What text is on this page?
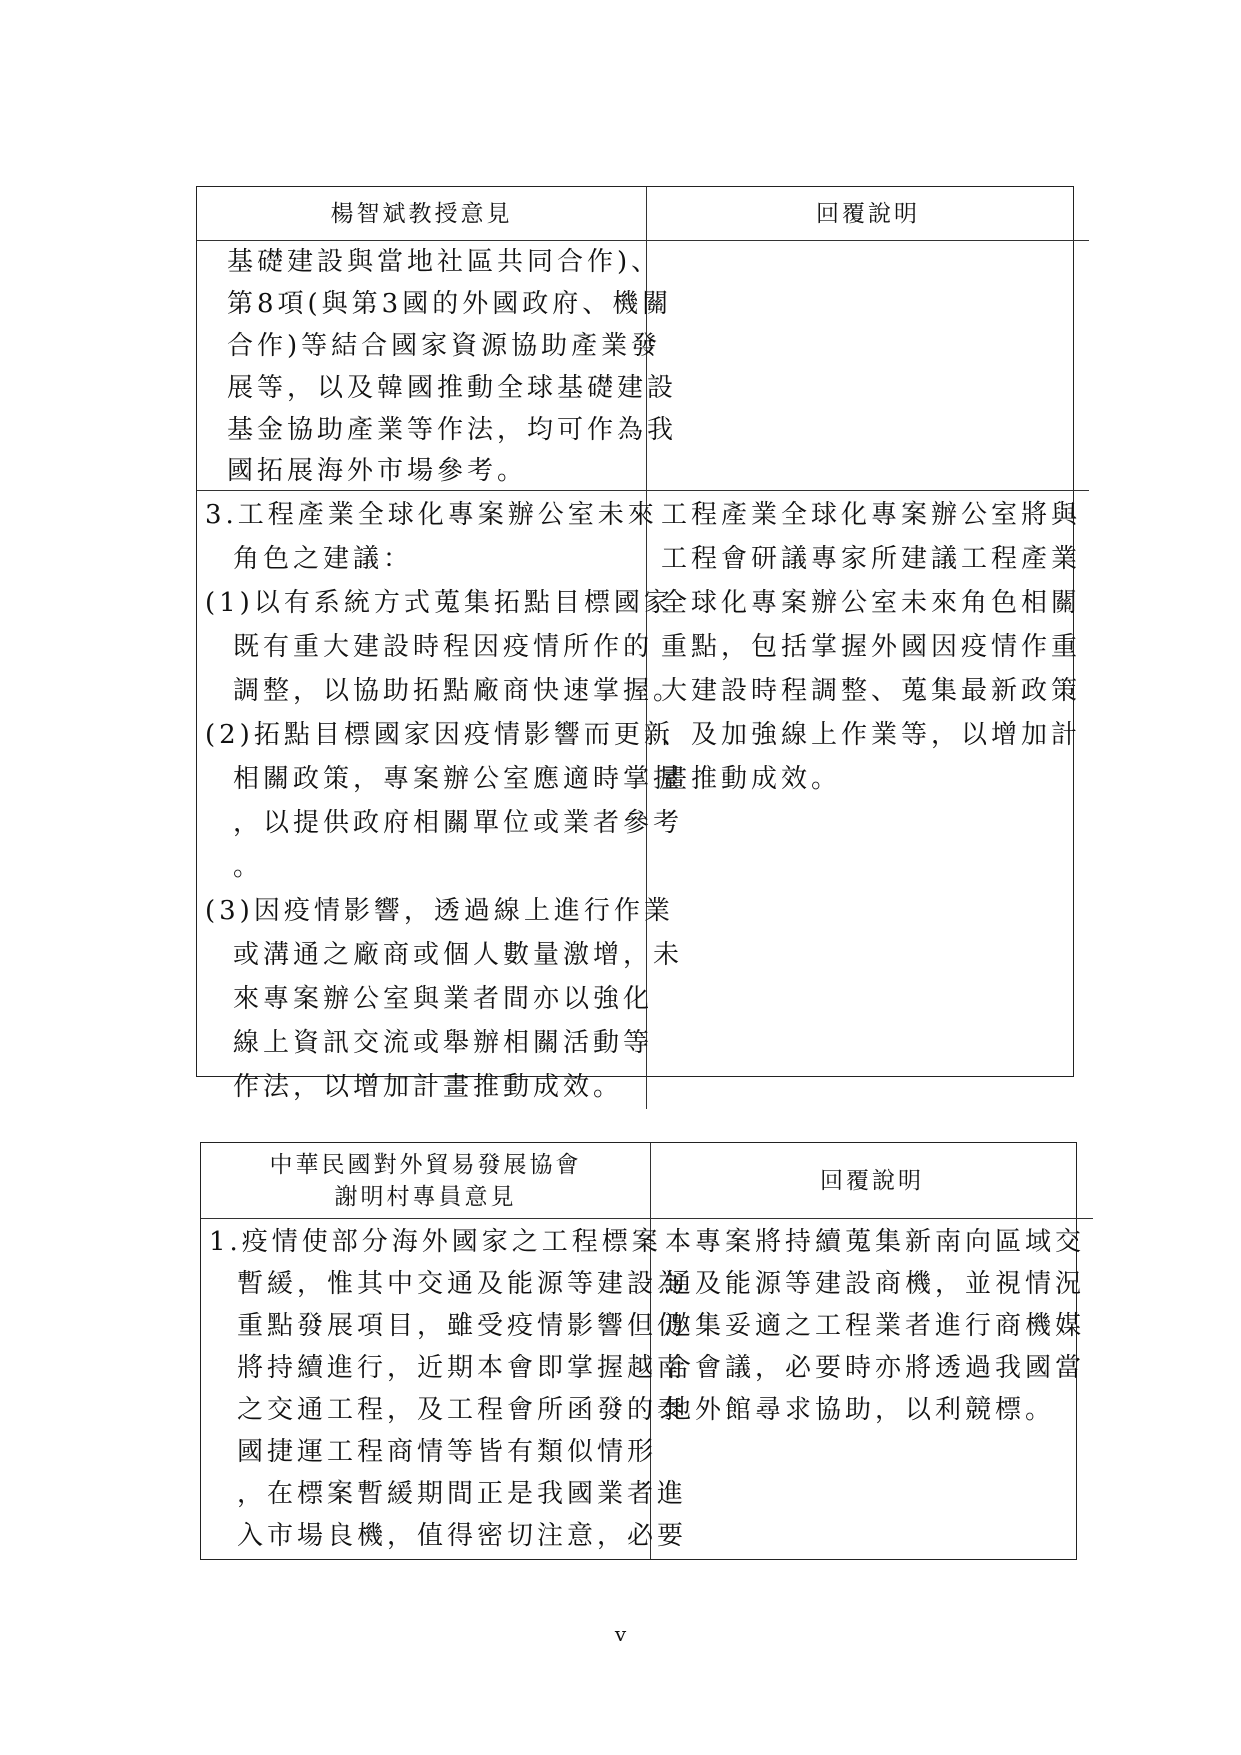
楊智斌教授意見	回覆說明
基礎建設與當地社區共同合作)、
第8項(與第3國的外國政府、機關
合作)等結合國家資源協助產業發
展等，以及韓國推動全球基礎建設
基金協助產業等作法，均可作為我
國拓展海外市場參考。
3.工程產業全球化專案辦公室未來
角色之建議：
(1)以有系統方式蒐集拓點目標國家
既有重大建設時程因疫情所作的
調整，以協助拓點廠商快速掌握。
(2)拓點目標國家因疫情影響而更新
相關政策，專案辦公室應適時掌握
，以提供政府相關單位或業者參考
。
(3)因疫情影響，透過線上進行作業
或溝通之廠商或個人數量激增，未
來專案辦公室與業者間亦以強化
線上資訊交流或舉辦相關活動等
作法，以增加計畫推動成效。
工程產業全球化專案辦公室將與
工程會研議專家所建議工程產業
全球化專案辦公室未來角色相關
重點，包括掌握外國因疫情作重
大建設時程調整、蒐集最新政策
、及加強線上作業等，以增加計
畫推動成效。
中華民國對外貿易發展協會
謝明村專員意見
回覆說明
1.疫情使部分海外國家之工程標案
暫緩，惟其中交通及能源等建設為
重點發展項目，雖受疫情影響但仍
將持續進行，近期本會即掌握越南
之交通工程，及工程會所函發的泰
國捷運工程商情等皆有類似情形
，在標案暫緩期間正是我國業者進
入市場良機，值得密切注意，必要
本專案將持續蒐集新南向區域交
通及能源等建設商機，並視情況
邀集妥適之工程業者進行商機媒
合會議，必要時亦將透過我國當
地外館尋求協助，以利競標。
v
